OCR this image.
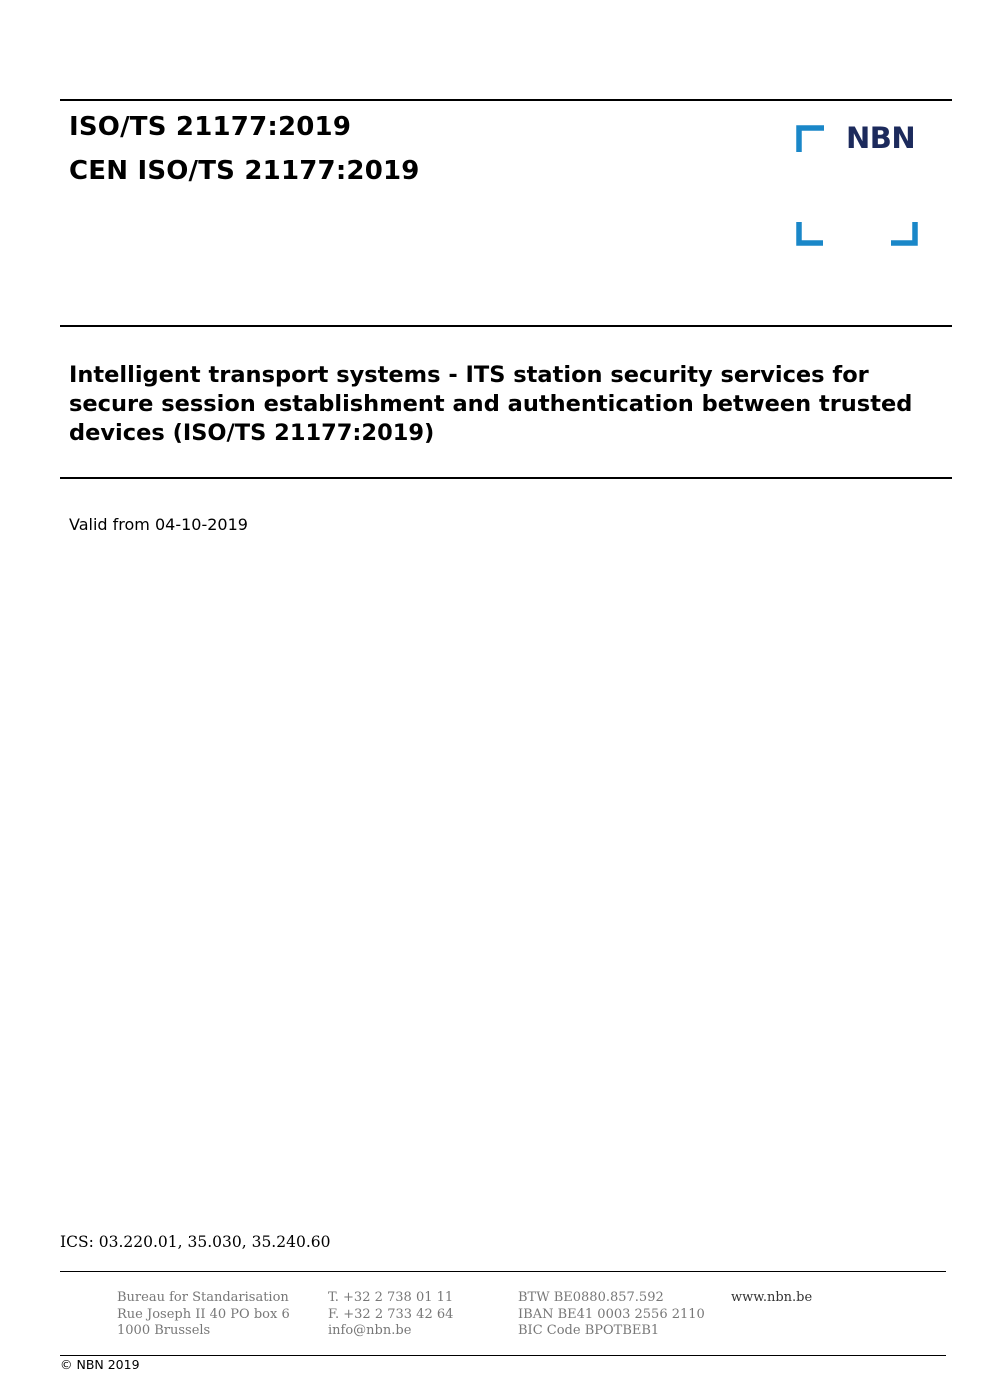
ISO/TS 21177:2019
CEN ISO/TS 21177:2019
NBN
Intelligent transport systems - ITS station security services for secure session establishment and authentication between trusted devices (ISO/TS 21177:2019)
Valid from 04-10-2019
ICS: 03.220.01, 35.030, 35.240.60
Bureau for Standarisation
Rue Joseph II 40 PO box 6
1000 Brussels
T. +32 2 738 01 11
F. +32 2 733 42 64
info@nbn.be
BTW BE0880.857.592
IBAN BE41 0003 2556 2110
BIC Code BPOTBEB1
www.nbn.be
© NBN 2019
